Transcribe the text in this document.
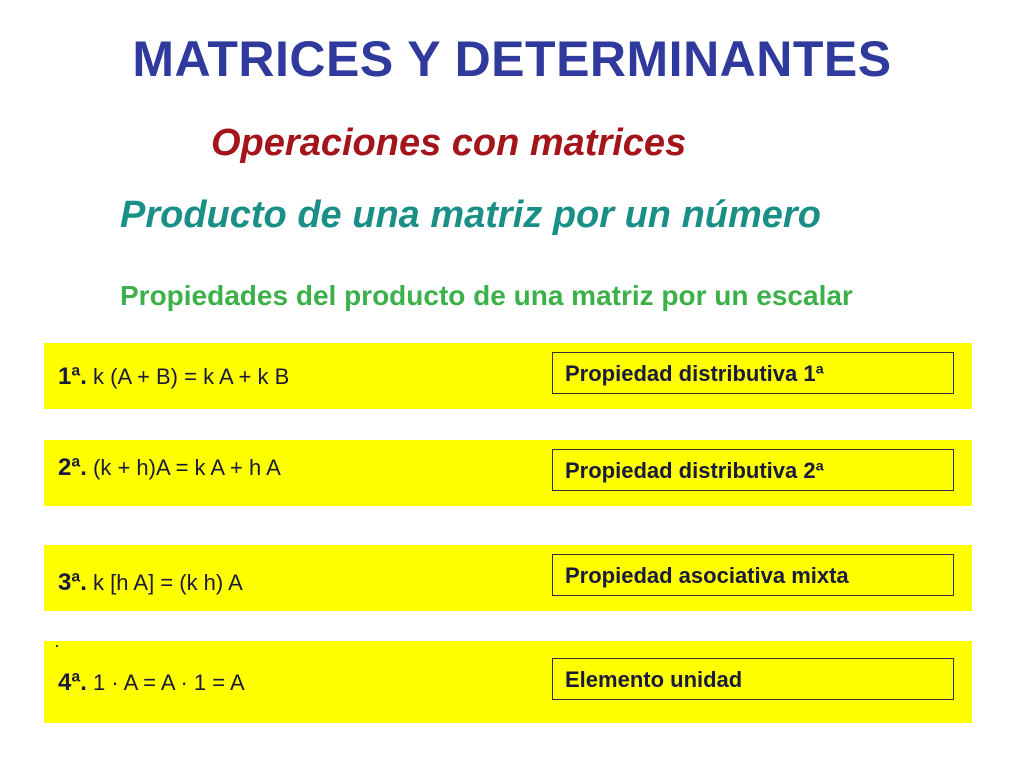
MATRICES Y DETERMINANTES
Operaciones con matrices
Producto de una matriz por un número
Propiedades del producto de una matriz por un escalar
1ª. k (A + B) = k A + k B	Propiedad distributiva 1ª
2ª. (k + h)A = k A + h A	Propiedad distributiva 2ª
3ª. k [h A] = (k h) A	Propiedad asociativa mixta
4ª. 1 · A = A · 1 = A	Elemento unidad
